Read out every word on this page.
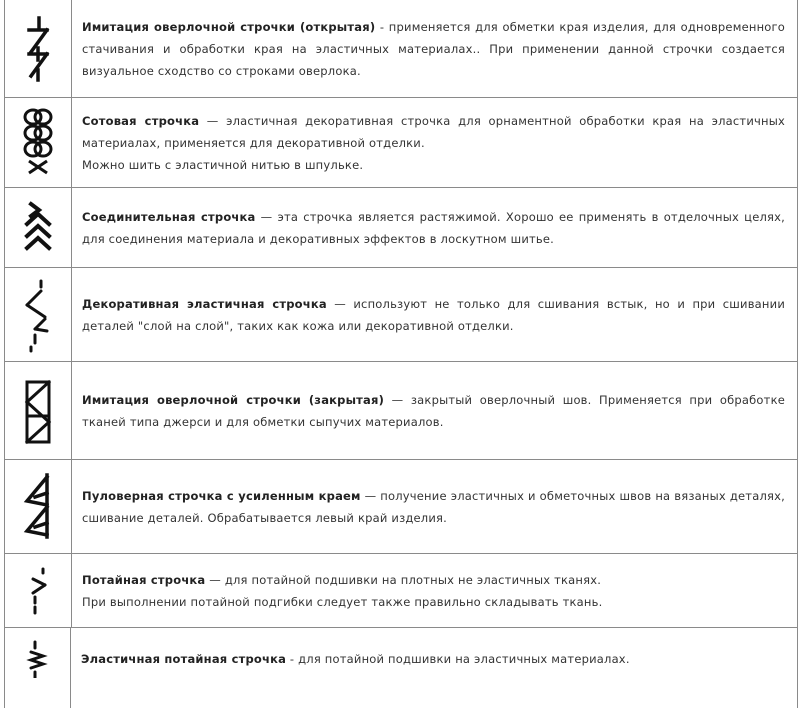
Имитация оверлочной строчки (открытая) - применяется для обметки края изделия, для одновременного стачивания и обработки края на эластичных материалах.. При применении данной строчки создается визуальное сходство со строками оверлока.

Сотовая строчка — эластичная декоративная строчка для орнаментной обработки края на эластичных материалах, применяется для декоративной отделки.

Можно шить с эластичной нитью в шпульке.

Соединительная строчка — эта строчка является растяжимой. Хорошо ее применять в отделочных целях, для соединения материала и декоративных эффектов в лоскутном шитье.

Декоративная эластичная строчка — используют не только для сшивания встык, но и при сшивании деталей "слой на слой", таких как кожа или декоративной отделки.

Имитация оверлочной строчки (закрытая) — закрытый оверлочный шов. Применяется при обработке тканей типа джерси и для обметки сыпучих материалов.

Пуловерная строчка с усиленным краем — получение эластичных и обметочных швов на вязаных деталях, сшивание деталей. Обрабатывается левый край изделия.

Потайная строчка — для потайной подшивки на плотных не эластичных тканях.

При выполнении потайной подгибки следует также правильно складывать ткань.

Эластичная потайная строчка - для потайной подшивки на эластичных материалах.
